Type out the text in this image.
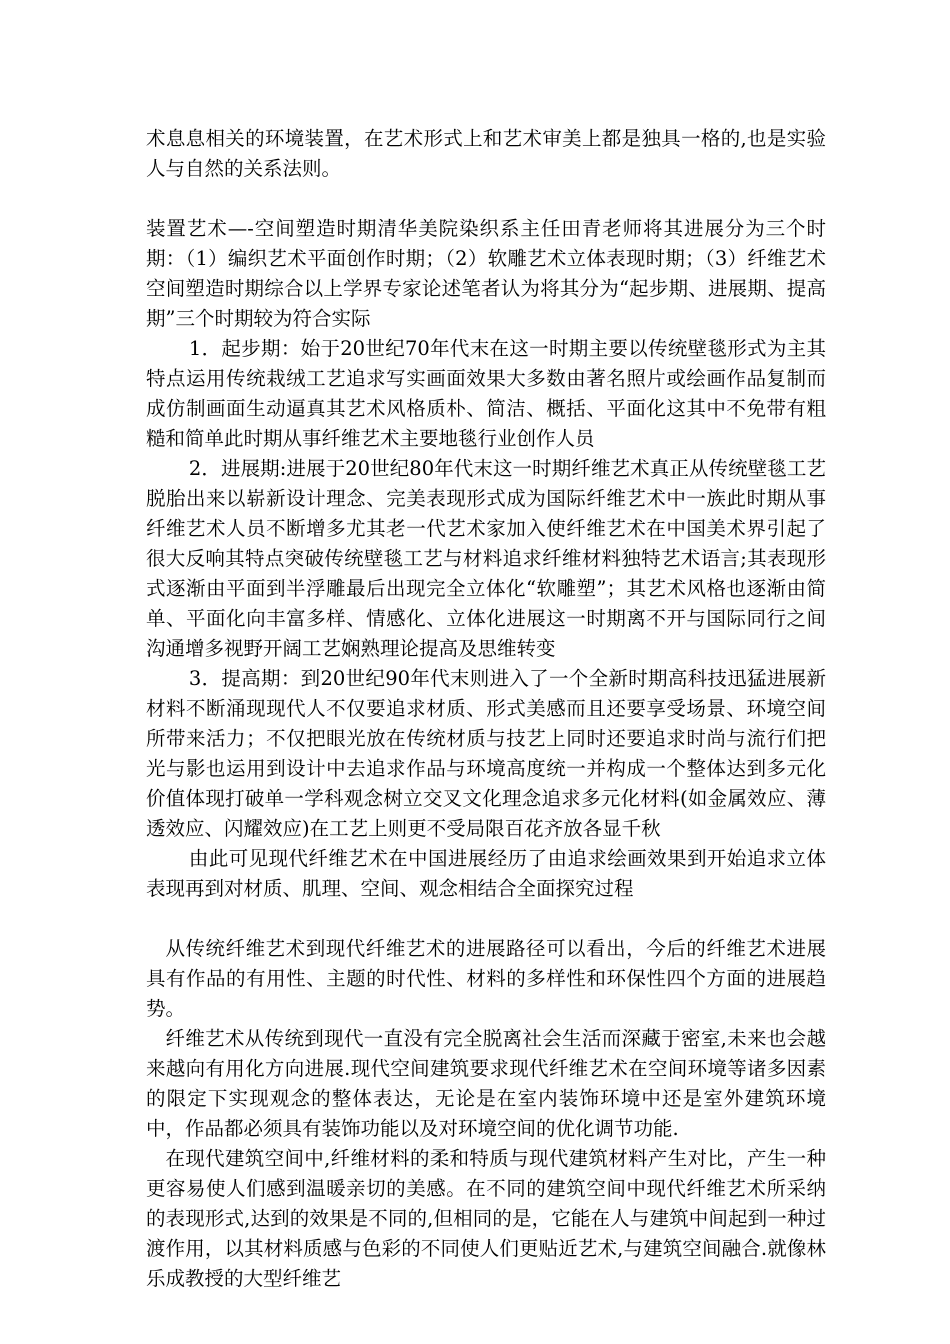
术息息相关的环境装置，在艺术形式上和艺术审美上都是独具一格的,也是实验人与自然的关系法则。

装置艺术—-空间塑造时期清华美院染织系主任田青老师将其进展分为三个时期：（1）编织艺术平面创作时期；（2）软雕艺术立体表现时期；（3）纤维艺术空间塑造时期综合以上学界专家论述笔者认为将其分为“起步期、进展期、提高期”三个时期较为符合实际

1．起步期：始于20世纪70年代末在这一时期主要以传统壁毯形式为主其特点运用传统栽绒工艺追求写实画面效果大多数由著名照片或绘画作品复制而成仿制画面生动逼真其艺术风格质朴、简洁、概括、平面化这其中不免带有粗糙和简单此时期从事纤维艺术主要地毯行业创作人员

2．进展期:进展于20世纪80年代末这一时期纤维艺术真正从传统壁毯工艺脱胎出来以崭新设计理念、完美表现形式成为国际纤维艺术中一族此时期从事纤维艺术人员不断增多尤其老一代艺术家加入使纤维艺术在中国美术界引起了很大反响其特点突破传统壁毯工艺与材料追求纤维材料独特艺术语言;其表现形式逐渐由平面到半浮雕最后出现完全立体化“软雕塑”；其艺术风格也逐渐由简单、平面化向丰富多样、情感化、立体化进展这一时期离不开与国际同行之间沟通增多视野开阔工艺娴熟理论提高及思维转变

3．提高期：到20世纪90年代末则进入了一个全新时期高科技迅猛进展新材料不断涌现现代人不仅要追求材质、形式美感而且还要享受场景、环境空间所带来活力；不仅把眼光放在传统材质与技艺上同时还要追求时尚与流行们把光与影也运用到设计中去追求作品与环境高度统一并构成一个整体达到多元化价值体现打破单一学科观念树立交叉文化理念追求多元化材料(如金属效应、薄透效应、闪耀效应)在工艺上则更不受局限百花齐放各显千秋

由此可见现代纤维艺术在中国进展经历了由追求绘画效果到开始追求立体表现再到对材质、肌理、空间、观念相结合全面探究过程

从传统纤维艺术到现代纤维艺术的进展路径可以看出，今后的纤维艺术进展具有作品的有用性、主题的时代性、材料的多样性和环保性四个方面的进展趋势。

纤维艺术从传统到现代一直没有完全脱离社会生活而深藏于密室,未来也会越来越向有用化方向进展.现代空间建筑要求现代纤维艺术在空间环境等诸多因素的限定下实现观念的整体表达，无论是在室内装饰环境中还是室外建筑环境中，作品都必须具有装饰功能以及对环境空间的优化调节功能.

在现代建筑空间中,纤维材料的柔和特质与现代建筑材料产生对比，产生一种更容易使人们感到温暖亲切的美感。在不同的建筑空间中现代纤维艺术所采纳的表现形式,达到的效果是不同的,但相同的是，它能在人与建筑中间起到一种过渡作用，以其材料质感与色彩的不同使人们更贴近艺术,与建筑空间融合.就像林乐成教授的大型纤维艺
